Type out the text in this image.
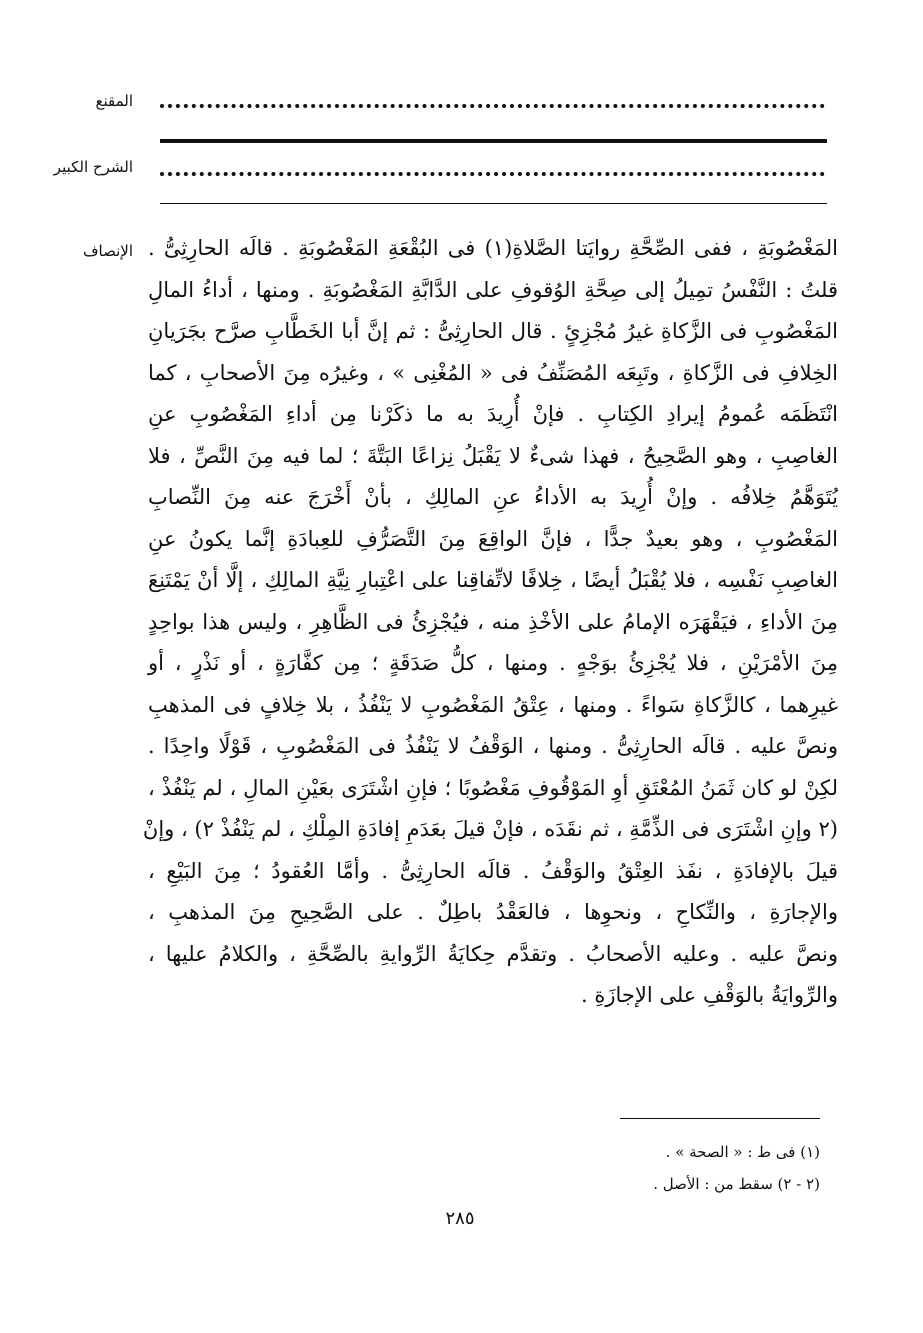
المقنع
الشرح الكبير
الإنصاف المَغْصُوبَةِ ، ففى الصِّحَّةِ روايَتا الصَّلاةِ(١) فى البُقْعَةِ المَغْصُوبَةِ . قالَه الحارِثِىُّ .
قلتُ : النَّفْسُ تمِيلُ إلى صِحَّةِ الوُقوفِ على الدَّابَّةِ المَغْصُوبَةِ . ومنها ، أداءُ المالِ
المَغْصُوبِ فى الزَّكاةِ غيرُ مُجْزِئٍ . قال الحارِثِىُّ : ثم إنَّ أبا الخَطَّابِ صرَّح بجَرَيانِ
الخِلافِ فى الزَّكاةِ ، وتَبِعَه المُصَنِّفُ فى « المُغْنِى » ، وغيرُه مِنَ الأصحابِ ، كما
انْتَظَمَه عُمومُ إيرادِ الكِتابِ . فإنْ أُرِيدَ به ما ذكَرْنا مِن أداءِ المَغْصُوبِ عنِ
الغاصِبِ ، وهو الصَّحِيحُ ، فهذا شىءٌ لا يَقْبَلُ نِزاعًا البَتَّةَ ؛ لما فيه مِنَ النَّصِّ ، فلا
يُتَوَهَّمُ خِلافُه . وإنْ أُرِيدَ به الأداءُ عنِ المالِكِ ، بأنْ أَخْرَجَ عنه مِنَ النِّصابِ
المَغْصُوبِ ، وهو بعيدٌ جدًّا ، فإنَّ الواقِعَ مِنَ التَّصَرُّفِ للعِبادَةِ إنَّما يكونُ عنِ
الغاصِبِ نَفْسِه ، فلا يُقْبَلُ أيضًا ، خِلافًا لاتِّفاقِنا على اعْتِبارِ نِيَّةِ المالِكِ ، إلَّا أنْ يَمْتَنِعَ
مِنَ الأداءِ ، فيَقْهَرَه الإمامُ على الأخْذِ منه ، فيُجْزِئُ فى الظَّاهِرِ ، وليس هذا بواحِدٍ
مِنَ الأمْرَيْنِ ، فلا يُجْزِئُ بوَجْهٍ . ومنها ، كلُّ صَدَقَةٍ ؛ مِن كفَّارَةٍ ، أو نَذْرٍ ، أو
غيرِهما ، كالزَّكاةِ سَواءً . ومنها ، عِتْقُ المَغْصُوبِ لا يَنْفُذُ ، بلا خِلافٍ فى المذهبِ
ونصَّ عليه . قالَه الحارِثِىُّ . ومنها ، الوَقْفُ لا يَنْفُذُ فى المَغْصُوبِ ، قَوْلًا واحِدًا .
لكِنْ لو كان ثَمَنُ المُعْتَقِ أوِ المَوْقُوفِ مَغْصُوبًا ؛ فإنِ اشْتَرَى بعَيْنِ المالِ ، لم يَنْفُذْ ،
(٢ وإنِ اشْتَرَى فى الذِّمَّةِ ، ثم نقَدَه ، فإنْ قيلَ بعَدَمِ إفادَةِ المِلْكِ ، لم يَنْفُذْ ٢) ، وإنْ
قيلَ بالإفادَةِ ، نفَذ العِتْقُ والوَقْفُ . قالَه الحارِثِىُّ . وأمَّا العُقودُ ؛ مِنَ البَيْعِ ،
والإجارَةِ ، والنِّكاحِ ، ونحوِها ، فالعَقْدُ باطِلٌ . على الصَّحِيحِ مِنَ المذهبِ ،
ونصَّ عليه . وعليه الأصحابُ . وتقدَّم حِكايَةُ الرِّوايةِ بالصِّحَّةِ ، والكلامُ عليها ،
والرِّوايَةُ بالوَقْفِ على الإجازَةِ .
(١) فى ط : « الصحة » .
(٢ - ٢) سقط من : الأصل .
٢٨٥
